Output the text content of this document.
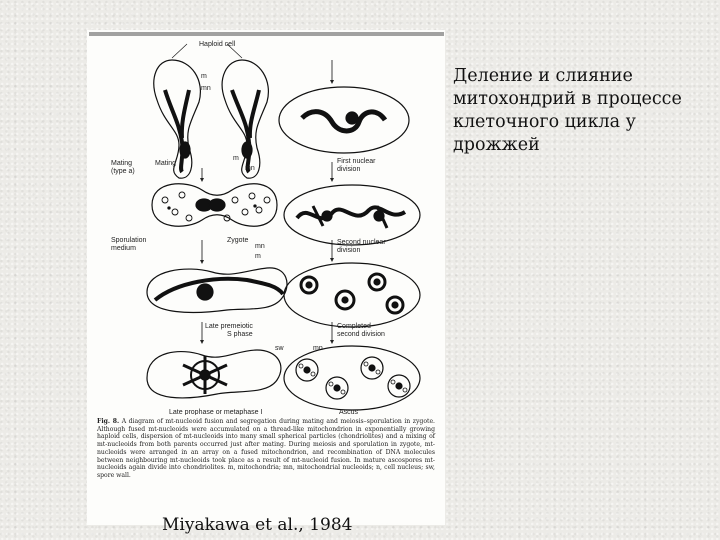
Haploid cell
m
mn
Mating
(type a)
Mating
m
mn
First nuclear
division
Sporulation
medium
Zygote
mn
m
Second nuclear
division
Late premeiotic
S phase
Late prophase or metaphase I
Completed
second division
sw	mn
Ascus
Fig. 8. A diagram of mt-nucleoid fusion and segregation during mating and meiosis–sporulation in zygote. Although fused mt-nucleoids were accumulated on a thread-like mitochondrion in exponentially growing haploid cells, dispersion of mt-nucleoids into many small spherical particles (chondriolites) and a mixing of mt-nucleoids from both parents occurred just after mating. During meiosis and sporulation in zygote, mt-nucleoids were arranged in an array on a fused mitochondrion, and recombination of DNA molecules between neighbouring mt-nucleoids took place as a result of mt-nucleoid fusion. In mature ascospores mt-nucleoids again divide into chondriolites. m, mitochondria; mn, mitochondrial nucleoids; n, cell nucleus; sw, spore wall.
Деление и слияние митохондрий в процессе клеточного цикла у дрожжей
Miyakawa et al., 1984
